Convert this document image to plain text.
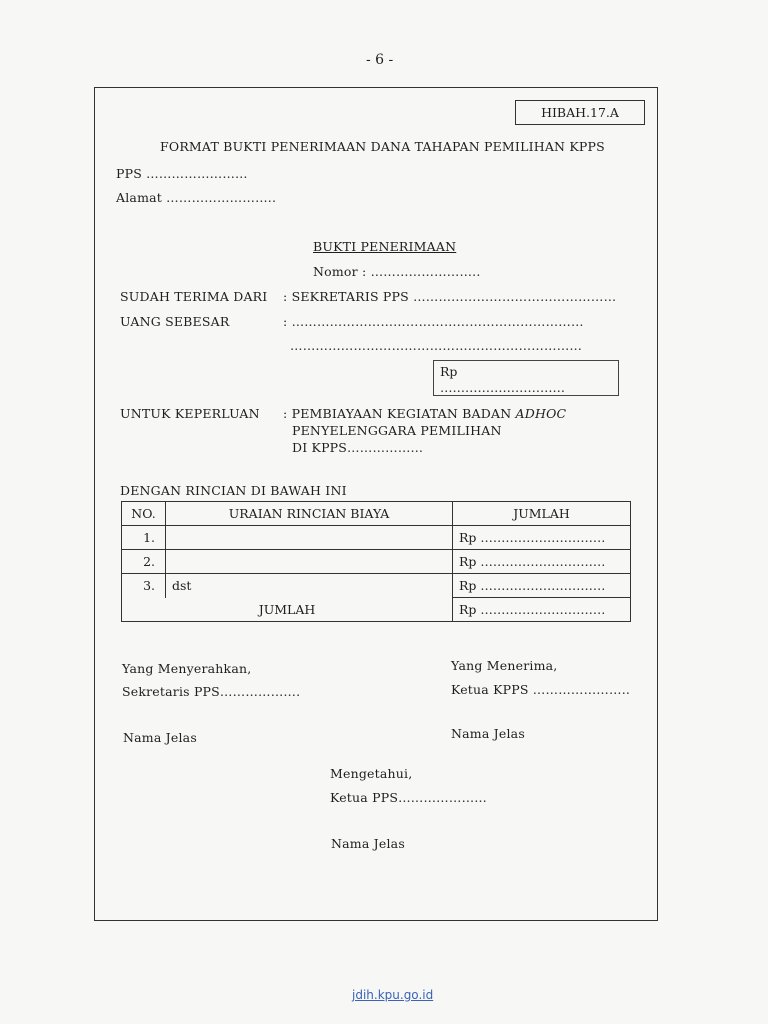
- 6 -
HIBAH.17.A
FORMAT BUKTI PENERIMAAN DANA TAHAPAN PEMILIHAN KPPS
PPS ……………………
Alamat ……………………..
BUKTI PENERIMAAN
Nomor : ……………………..
SUDAH TERIMA DARI : SEKRETARIS PPS …………………………………………
UANG SEBESAR	: ……………………………………………………………
……………………………………………………………
Rp
…………………………
UNTUK KEPERLUAN : PEMBIAYAAN KEGIATAN BADAN ADHOC
PENYELENGGARA PEMILIHAN
DI KPPS………………
DENGAN RINCIAN DI BAWAH INI
NO.	URAIAN RINCIAN BIAYA	JUMLAH
1.		Rp …………………………
2.		Rp …………………………
3.	dst	Rp …………………………
JUMLAH		Rp …………………………
Yang Menyerahkan,
Sekretaris PPS……………….
Nama Jelas
Yang Menerima,
Ketua KPPS …………………..
Nama Jelas
Mengetahui,
Ketua PPS…………………
Nama Jelas
jdih.kpu.go.id
